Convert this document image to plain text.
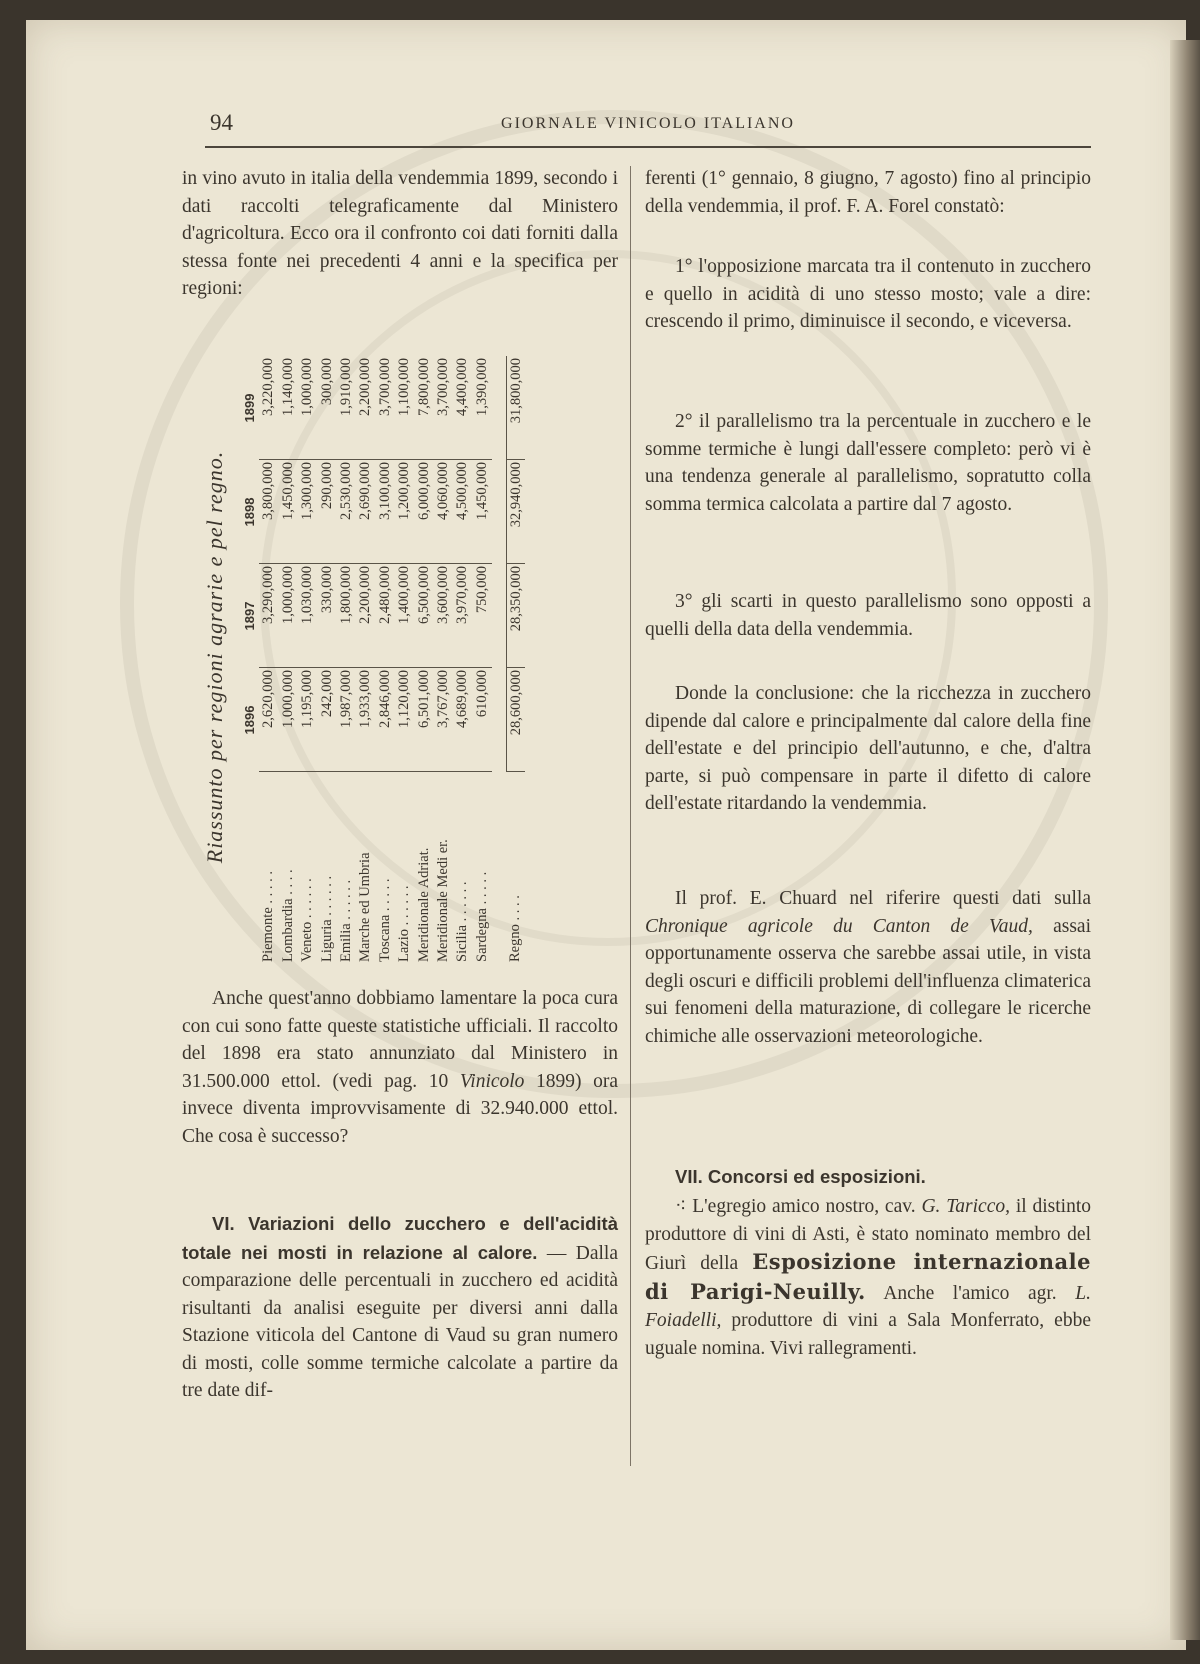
94	GIORNALE VINICOLO ITALIANO

in vino avuto in italia della vendemmia 1899, secondo i dati raccolti telegraficamente dal Ministero d'agricoltura. Ecco ora il confronto coi dati forniti dalla stessa fonte nei precedenti 4 anni e la specifica per regioni:

Riassunto per regioni agrarie e pel regno. 1896
1897
1898
1899
Piemonte . . . . .
2,620,000
3,290,000
3,800,000
3,220,000
Lombardia . . . .
1,000,000
1,000,000
1,450,000
1,140,000
Veneto . . . . . .
1,195,000
1,030,000
1,300,000
1,000,000
Liguria . . . . . .
242,000
330,000
290,000
300,000
Emilia . . . . . .
1,987,000
1,800,000
2,530,000
1,910,000
Marche ed Umbria
1,933,000
2,200,000
2,690,000
2,200,000
Toscana . . . . .
2,846,000
2,480,000
3,100,000
3,700,000
Lazio . . . . . .
1,120,000
1,400,000
1,200,000
1,100,000
Meridionale Adriat.
6,501,000
6,500,000
6,000,000
7,800,000
Meridionale Medi er.
3,767,000
3,600,000
4,060,000
3,700,000
Sicilia . . . . . .
4,689,000
3,970,000
4,500,000
4,400,000
Sardegna . . . . .
610,000
750,000
1,450,000
1,390,000
Regno . . . .
28,600,000
28,350,000
32,940,000
31,800,000

Anche quest'anno dobbiamo lamentare la poca cura con cui sono fatte queste statistiche ufficiali. Il raccolto del 1898 era stato annunziato dal Ministero in 31.500.000 ettol. (vedi pag. 10 Vinicolo 1899) ora invece diventa improvvisamente di 32.940.000 ettol. Che cosa è successo?

VI. Variazioni dello zucchero e dell'acidità totale nei mosti in relazione al calore. — Dalla comparazione delle percentuali in zucchero ed acidità risultanti da analisi eseguite per diversi anni dalla Stazione viticola del Cantone di Vaud su gran numero di mosti, colle somme termiche calcolate a partire da tre date dif-

ferenti (1° gennaio, 8 giugno, 7 agosto) fino al principio della vendemmia, il prof. F. A. Forel constatò:

1° l'opposizione marcata tra il contenuto in zucchero e quello in acidità di uno stesso mosto; vale a dire: crescendo il primo, diminuisce il secondo, e viceversa.

2° il parallelismo tra la percentuale in zucchero e le somme termiche è lungi dall'essere completo: però vi è una tendenza generale al parallelismo, sopratutto colla somma termica calcolata a partire dal 7 agosto.

3° gli scarti in questo parallelismo sono opposti a quelli della data della vendemmia.

Donde la conclusione: che la ricchezza in zucchero dipende dal calore e principalmente dal calore della fine dell'estate e del principio dell'autunno, e che, d'altra parte, si può compensare in parte il difetto di calore dell'estate ritardando la vendemmia.

Il prof. E. Chuard nel riferire questi dati sulla Chronique agricole du Canton de Vaud, assai opportunamente osserva che sarebbe assai utile, in vista degli oscuri e difficili problemi dell'influenza climaterica sui fenomeni della maturazione, di collegare le ricerche chimiche alle osservazioni meteorologiche.

VII. Concorsi ed esposizioni.

⁖ L'egregio amico nostro, cav. G. Taricco, il distinto produttore di vini di Asti, è stato nominato membro del Giurì della Esposizione internazionale di Parigi-Neuilly. Anche l'amico agr. L. Foiadelli, produttore di vini a Sala Monferrato, ebbe uguale nomina. Vivi rallegramenti.
